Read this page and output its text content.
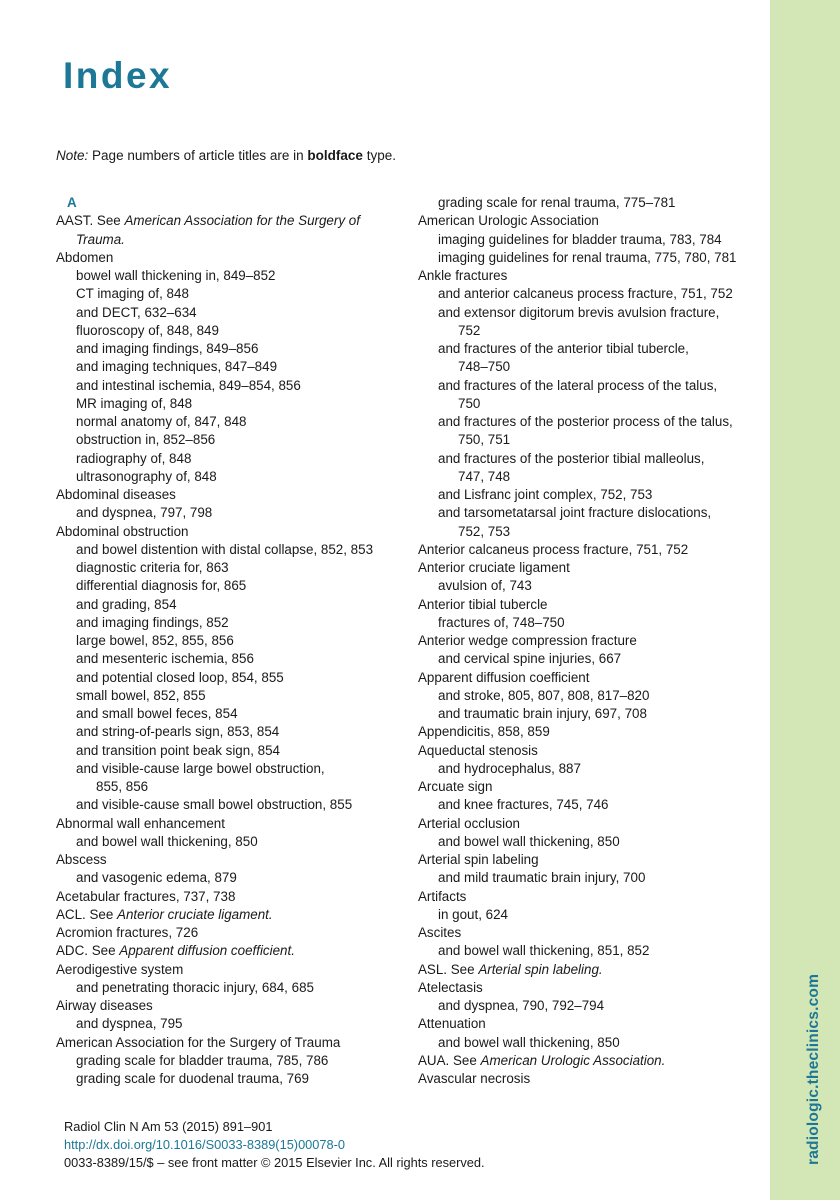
radiologic.theclinics.com
Index
Note: Page numbers of article titles are in boldface type.
A
AAST. See American Association for the Surgery of
Trauma.
Abdomen
bowel wall thickening in, 849–852
CT imaging of, 848
and DECT, 632–634
fluoroscopy of, 848, 849
and imaging findings, 849–856
and imaging techniques, 847–849
and intestinal ischemia, 849–854, 856
MR imaging of, 848
normal anatomy of, 847, 848
obstruction in, 852–856
radiography of, 848
ultrasonography of, 848
Abdominal diseases
and dyspnea, 797, 798
Abdominal obstruction
and bowel distention with distal collapse, 852, 853
diagnostic criteria for, 863
differential diagnosis for, 865
and grading, 854
and imaging findings, 852
large bowel, 852, 855, 856
and mesenteric ischemia, 856
and potential closed loop, 854, 855
small bowel, 852, 855
and small bowel feces, 854
and string-of-pearls sign, 853, 854
and transition point beak sign, 854
and visible-cause large bowel obstruction,
855, 856
and visible-cause small bowel obstruction, 855
Abnormal wall enhancement
and bowel wall thickening, 850
Abscess
and vasogenic edema, 879
Acetabular fractures, 737, 738
ACL. See Anterior cruciate ligament.
Acromion fractures, 726
ADC. See Apparent diffusion coefficient.
Aerodigestive system
and penetrating thoracic injury, 684, 685
Airway diseases
and dyspnea, 795
American Association for the Surgery of Trauma
grading scale for bladder trauma, 785, 786
grading scale for duodenal trauma, 769
grading scale for renal trauma, 775–781
American Urologic Association
imaging guidelines for bladder trauma, 783, 784
imaging guidelines for renal trauma, 775, 780, 781
Ankle fractures
and anterior calcaneus process fracture, 751, 752
and extensor digitorum brevis avulsion fracture,
752
and fractures of the anterior tibial tubercle,
748–750
and fractures of the lateral process of the talus,
750
and fractures of the posterior process of the talus,
750, 751
and fractures of the posterior tibial malleolus,
747, 748
and Lisfranc joint complex, 752, 753
and tarsometatarsal joint fracture dislocations,
752, 753
Anterior calcaneus process fracture, 751, 752
Anterior cruciate ligament
avulsion of, 743
Anterior tibial tubercle
fractures of, 748–750
Anterior wedge compression fracture
and cervical spine injuries, 667
Apparent diffusion coefficient
and stroke, 805, 807, 808, 817–820
and traumatic brain injury, 697, 708
Appendicitis, 858, 859
Aqueductal stenosis
and hydrocephalus, 887
Arcuate sign
and knee fractures, 745, 746
Arterial occlusion
and bowel wall thickening, 850
Arterial spin labeling
and mild traumatic brain injury, 700
Artifacts
in gout, 624
Ascites
and bowel wall thickening, 851, 852
ASL. See Arterial spin labeling.
Atelectasis
and dyspnea, 790, 792–794
Attenuation
and bowel wall thickening, 850
AUA. See American Urologic Association.
Avascular necrosis
Radiol Clin N Am 53 (2015) 891–901
http://dx.doi.org/10.1016/S0033-8389(15)00078-0
0033-8389/15/$ – see front matter © 2015 Elsevier Inc. All rights reserved.
